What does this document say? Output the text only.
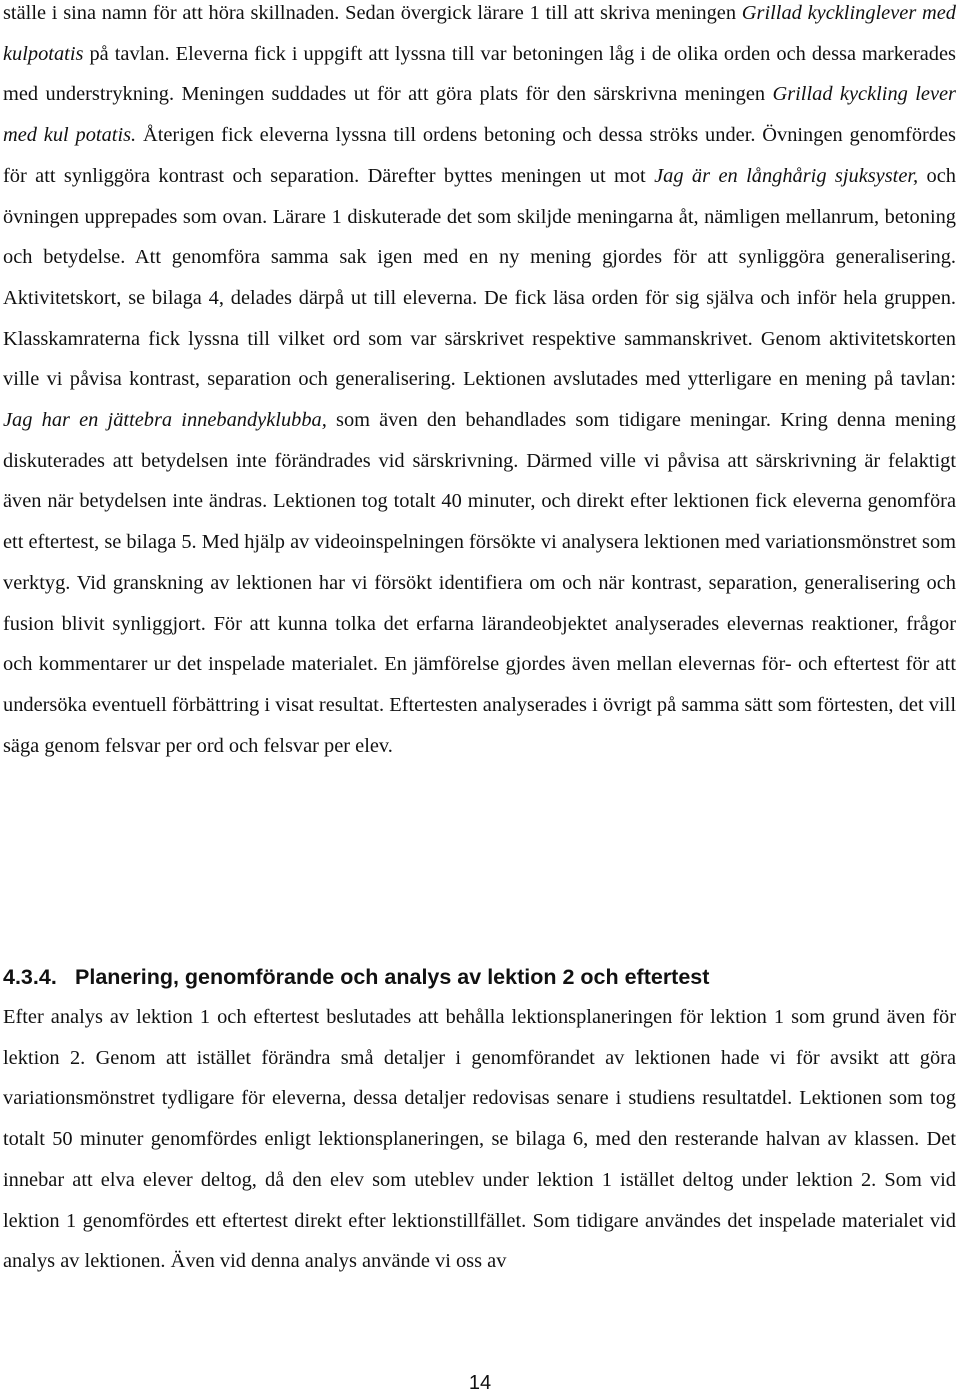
ställe i sina namn för att höra skillnaden. Sedan övergick lärare 1 till att skriva meningen Grillad kycklinglever med kulpotatis på tavlan. Eleverna fick i uppgift att lyssna till var betoningen låg i de olika orden och dessa markerades med understrykning. Meningen suddades ut för att göra plats för den särskrivna meningen Grillad kyckling lever med kul potatis. Återigen fick eleverna lyssna till ordens betoning och dessa ströks under. Övningen genomfördes för att synliggöra kontrast och separation. Därefter byttes meningen ut mot Jag är en långhårig sjuksyster, och övningen upprepades som ovan. Lärare 1 diskuterade det som skiljde meningarna åt, nämligen mellanrum, betoning och betydelse. Att genomföra samma sak igen med en ny mening gjordes för att synliggöra generalisering. Aktivitetskort, se bilaga 4, delades därpå ut till eleverna. De fick läsa orden för sig själva och inför hela gruppen. Klasskamraterna fick lyssna till vilket ord som var särskrivet respektive sammanskrivet. Genom aktivitetskorten ville vi påvisa kontrast, separation och generalisering. Lektionen avslutades med ytterligare en mening på tavlan: Jag har en jättebra innebandyklubba, som även den behandlades som tidigare meningar. Kring denna mening diskuterades att betydelsen inte förändrades vid särskrivning. Därmed ville vi påvisa att särskrivning är felaktigt även när betydelsen inte ändras. Lektionen tog totalt 40 minuter, och direkt efter lektionen fick eleverna genomföra ett eftertest, se bilaga 5. Med hjälp av videoinspelningen försökte vi analysera lektionen med variationsmönstret som verktyg. Vid granskning av lektionen har vi försökt identifiera om och när kontrast, separation, generalisering och fusion blivit synliggjort. För att kunna tolka det erfarna lärandeobjektet analyserades elevernas reaktioner, frågor och kommentarer ur det inspelade materialet. En jämförelse gjordes även mellan elevernas för- och eftertest för att undersöka eventuell förbättring i visat resultat. Eftertesten analyserades i övrigt på samma sätt som förtesten, det vill säga genom felsvar per ord och felsvar per elev.

4.3.4. Planering, genomförande och analys av lektion 2 och eftertest

Efter analys av lektion 1 och eftertest beslutades att behålla lektionsplaneringen för lektion 1 som grund även för lektion 2. Genom att istället förändra små detaljer i genomförandet av lektionen hade vi för avsikt att göra variationsmönstret tydligare för eleverna, dessa detaljer redovisas senare i studiens resultatdel. Lektionen som tog totalt 50 minuter genomfördes enligt lektionsplaneringen, se bilaga 6, med den resterande halvan av klassen. Det innebar att elva elever deltog, då den elev som uteblev under lektion 1 istället deltog under lektion 2. Som vid lektion 1 genomfördes ett eftertest direkt efter lektionstillfället. Som tidigare användes det inspelade materialet vid analys av lektionen. Även vid denna analys använde vi oss av

14
